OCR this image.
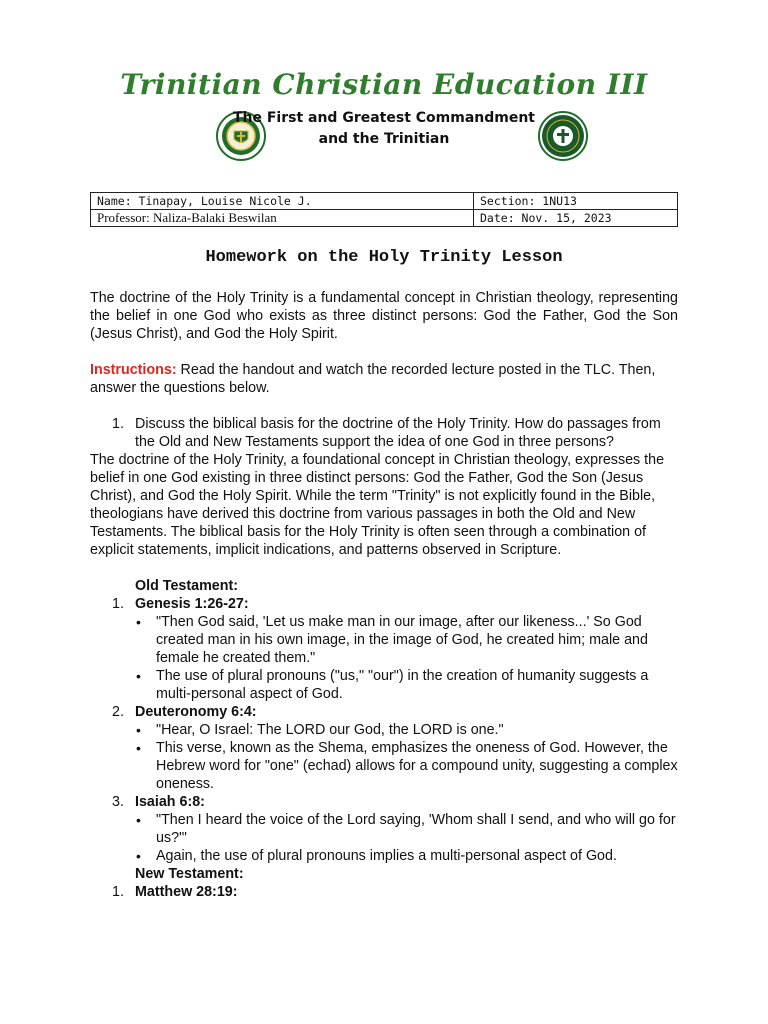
Trinitian Christian Education III
The First and Greatest Commandment
and the Trinitian
Name: Tinapay, Louise Nicole J.	Section: 1NU13
Professor: Naliza-Balaki Beswilan	Date: Nov. 15, 2023
Homework on the Holy Trinity Lesson

The doctrine of the Holy Trinity is a fundamental concept in Christian theology, representing the belief in one God who exists as three distinct persons: God the Father, God the Son (Jesus Christ), and God the Holy Spirit.

Instructions: Read the handout and watch the recorded lecture posted in the TLC. Then, answer the questions below.

1. Discuss the biblical basis for the doctrine of the Holy Trinity. How do passages from the Old and New Testaments support the idea of one God in three persons?

The doctrine of the Holy Trinity, a foundational concept in Christian theology, expresses the belief in one God existing in three distinct persons: God the Father, God the Son (Jesus Christ), and God the Holy Spirit. While the term "Trinity" is not explicitly found in the Bible, theologians have derived this doctrine from various passages in both the Old and New Testaments. The biblical basis for the Holy Trinity is often seen through a combination of explicit statements, implicit indications, and patterns observed in Scripture.

Old Testament:
1. Genesis 1:26-27:
• "Then God said, 'Let us make man in our image, after our likeness...' So God created man in his own image, in the image of God, he created him; male and female he created them."
• The use of plural pronouns ("us," "our") in the creation of humanity suggests a multi-personal aspect of God.
2. Deuteronomy 6:4:
• "Hear, O Israel: The LORD our God, the LORD is one."
• This verse, known as the Shema, emphasizes the oneness of God. However, the Hebrew word for "one" (echad) allows for a compound unity, suggesting a complex oneness.
3. Isaiah 6:8:
• "Then I heard the voice of the Lord saying, 'Whom shall I send, and who will go for us?'"
• Again, the use of plural pronouns implies a multi-personal aspect of God.
New Testament:
1. Matthew 28:19:
